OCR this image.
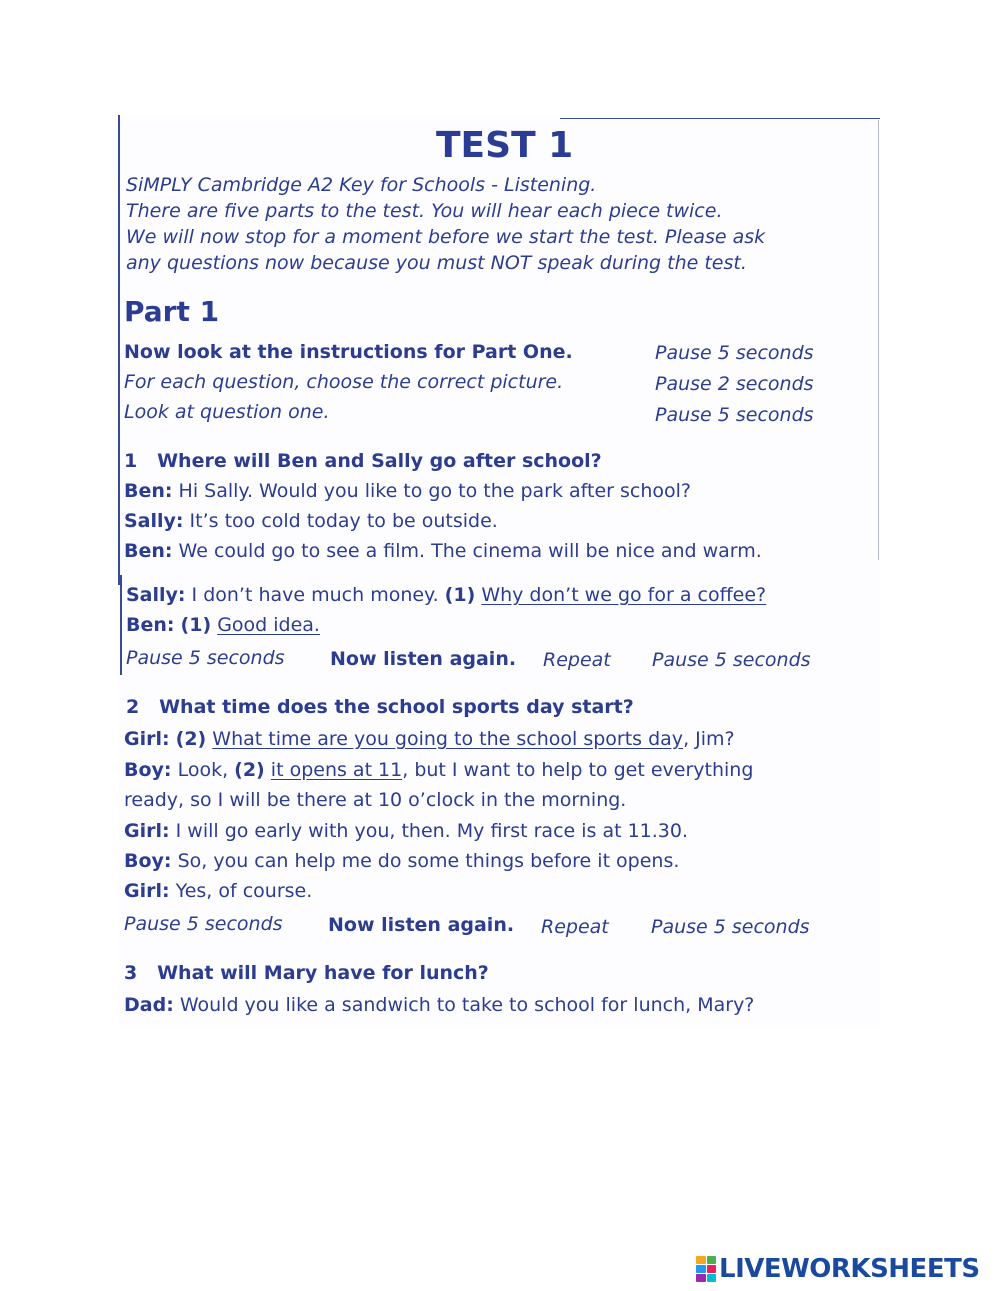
TEST 1
SiMPLY Cambridge A2 Key for Schools - Listening.
There are five parts to the test. You will hear each piece twice.
We will now stop for a moment before we start the test. Please ask
any questions now because you must NOT speak during the test.
Part 1
Now look at the instructions for Part One.	Pause 5 seconds
For each question, choose the correct picture.	Pause 2 seconds
Look at question one.	Pause 5 seconds
1 Where will Ben and Sally go after school?
Ben: Hi Sally. Would you like to go to the park after school?
Sally: It’s too cold today to be outside.
Ben: We could go to see a film. The cinema will be nice and warm.
Sally: I don’t have much money. (1) Why don’t we go for a coffee?
Ben: (1) Good idea.
Pause 5 seconds Now listen again. Repeat Pause 5 seconds
2 What time does the school sports day start?
Girl: (2) What time are you going to the school sports day, Jim?
Boy: Look, (2) it opens at 11, but I want to help to get everything
ready, so I will be there at 10 o’clock in the morning.
Girl: I will go early with you, then. My first race is at 11.30.
Boy: So, you can help me do some things before it opens.
Girl: Yes, of course.
Pause 5 seconds Now listen again. Repeat Pause 5 seconds
3 What will Mary have for lunch?
Dad: Would you like a sandwich to take to school for lunch, Mary?
LIVEWORKSHEETS
